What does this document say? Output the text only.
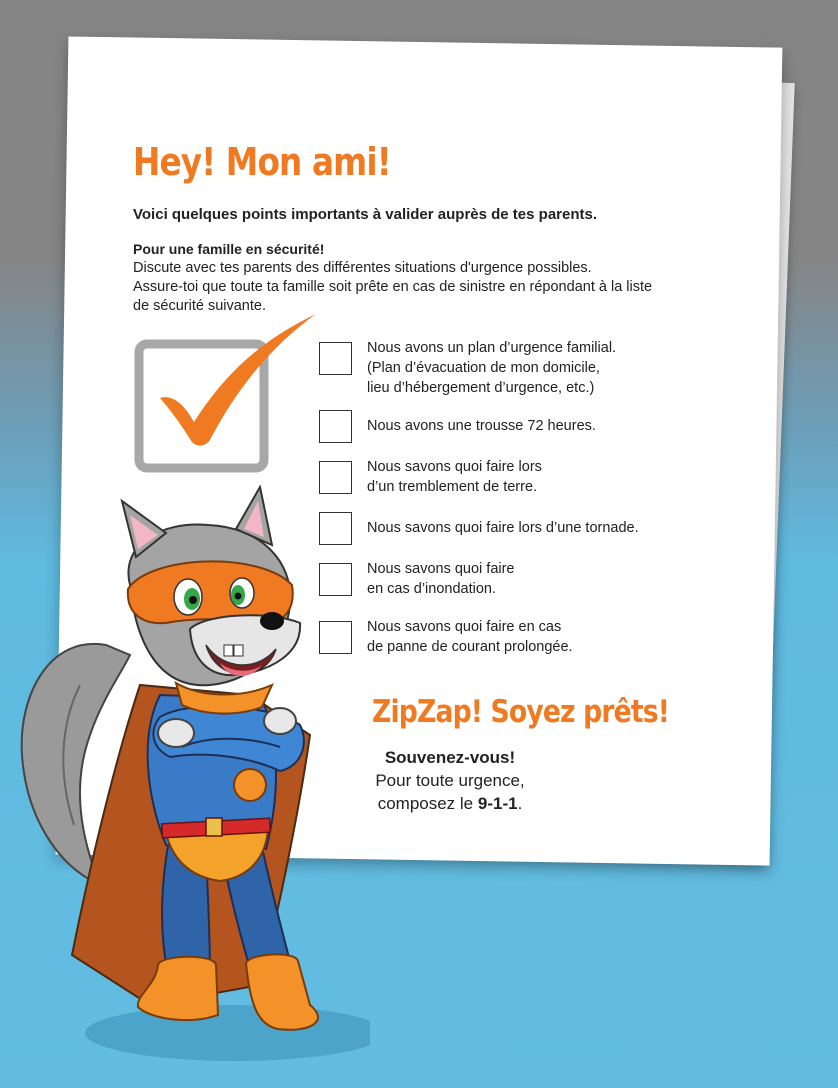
Hey! Mon ami!

Voici quelques points importants à valider auprès de tes parents.

Pour une famille en sécurité!

Discute avec tes parents des différentes situations d'urgence possibles.
Assure-toi que toute ta famille soit prête en cas de sinistre en répondant à la liste
de sécurité suivante.

Nous avons un plan d’urgence familial.
(Plan d’évacuation de mon domicile,
lieu d’hébergement d’urgence, etc.)

Nous avons une trousse 72 heures.

Nous savons quoi faire lors
d’un tremblement de terre.

Nous savons quoi faire lors d’une tornade.

Nous savons quoi faire
en cas d’inondation.

Nous savons quoi faire en cas
de panne de courant prolongée.

ZipZap! Soyez prêts!

Souvenez-vous!
Pour toute urgence,
composez le 9-1-1.
